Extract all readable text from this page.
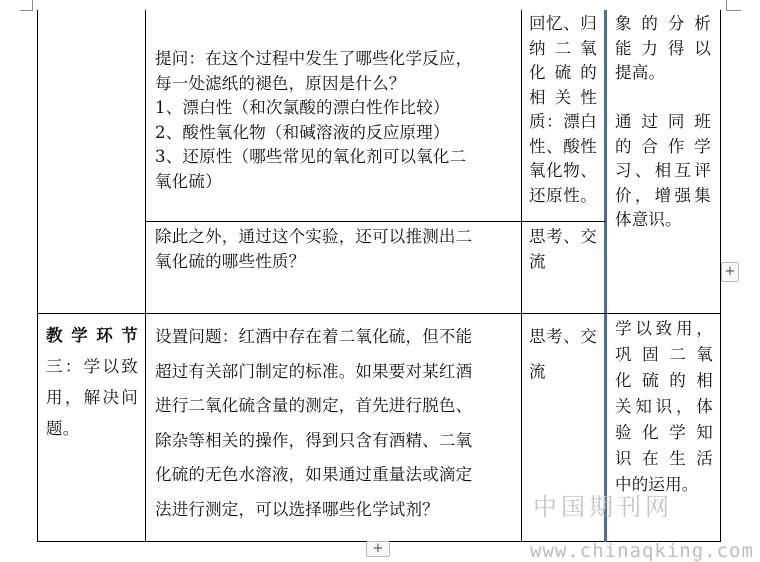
提问：在这个过程中发生了哪些化学反应，
每一处滤纸的褪色，原因是什么？
1、漂白性（和次氯酸的漂白性作比较）
2、酸性氧化物（和碱溶液的反应原理）
3、还原性（哪些常见的氧化剂可以氧化二
氧化硫）
回忆、归
纳二氧
化硫的
相关性
质：漂白
性、酸性
氧化物、
还原性。
象的分析
能力得以
提高。
通过同班
的合作学
习、相互评
价，增强集
体意识。
除此之外，通过这个实验，还可以推测出二
氧化硫的哪些性质？
思考、交
流
教学环节
三：学以致
用，解决问
题。
设置问题：红酒中存在着二氧化硫，但不能
超过有关部门制定的标准。如果要对某红酒
进行二氧化硫含量的测定，首先进行脱色、
除杂等相关的操作，得到只含有酒精、二氧
化硫的无色水溶液，如果通过重量法或滴定
法进行测定，可以选择哪些化学试剂？
思考、交
流
学以致用，
巩固二氧
化硫的相
关知识，体
验化学知
识在生活
中的运用。
+
+
中国期刊网
www.chinaqking.com
